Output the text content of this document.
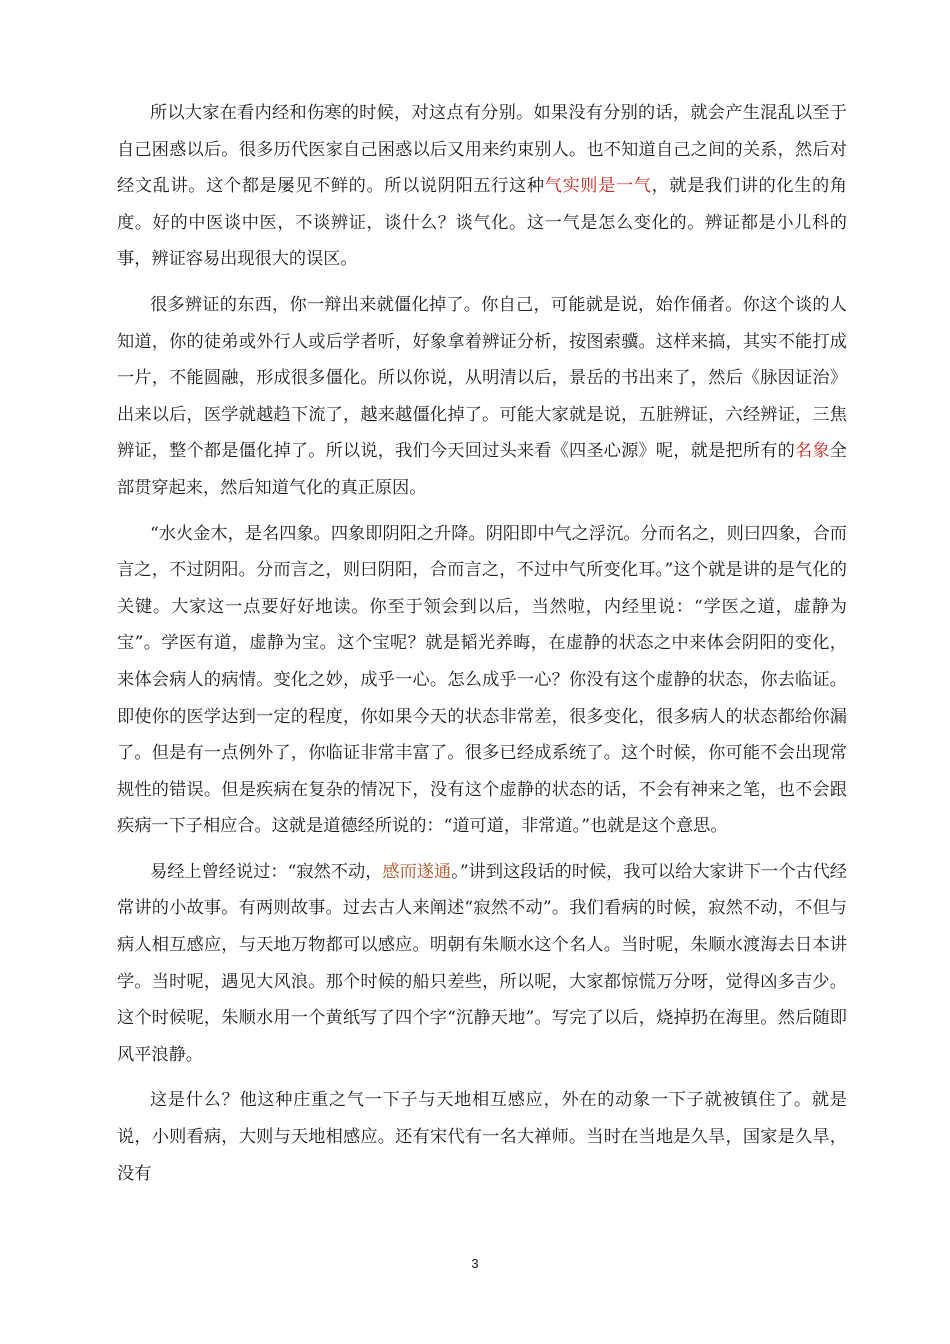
所以大家在看内经和伤寒的时候，对这点有分别。如果没有分别的话，就会产生混乱以至于自己困惑以后。很多历代医家自己困惑以后又用来约束别人。也不知道自己之间的关系，然后对经文乱讲。这个都是屡见不鲜的。所以说阴阳五行这种气实则是一气，就是我们讲的化生的角度。好的中医谈中医，不谈辨证，谈什么？谈气化。这一气是怎么变化的。辨证都是小儿科的事，辨证容易出现很大的误区。

很多辨证的东西，你一辩出来就僵化掉了。你自己，可能就是说，始作俑者。你这个谈的人知道，你的徒弟或外行人或后学者听，好象拿着辨证分析，按图索骥。这样来搞，其实不能打成一片，不能圆融，形成很多僵化。所以你说，从明清以后，景岳的书出来了，然后《脉因证治》出来以后，医学就越趋下流了，越来越僵化掉了。可能大家就是说，五脏辨证，六经辨证，三焦辨证，整个都是僵化掉了。所以说，我们今天回过头来看《四圣心源》呢，就是把所有的名象全部贯穿起来，然后知道气化的真正原因。

“水火金木，是名四象。四象即阴阳之升降。阴阳即中气之浮沉。分而名之，则曰四象，合而言之，不过阴阳。分而言之，则曰阴阳，合而言之，不过中气所变化耳。”这个就是讲的是气化的关键。大家这一点要好好地读。你至于领会到以后，当然啦，内经里说：“学医之道，虚静为宝”。学医有道，虚静为宝。这个宝呢？就是韬光养晦，在虚静的状态之中来体会阴阳的变化，来体会病人的病情。变化之妙，成乎一心。怎么成乎一心？你没有这个虚静的状态，你去临证。即使你的医学达到一定的程度，你如果今天的状态非常差，很多变化，很多病人的状态都给你漏了。但是有一点例外了，你临证非常丰富了。很多已经成系统了。这个时候，你可能不会出现常规性的错误。但是疾病在复杂的情况下，没有这个虚静的状态的话，不会有神来之笔，也不会跟疾病一下子相应合。这就是道德经所说的：“道可道，非常道。”也就是这个意思。

易经上曾经说过：“寂然不动，感而遂通。”讲到这段话的时候，我可以给大家讲下一个古代经常讲的小故事。有两则故事。过去古人来阐述“寂然不动”。我们看病的时候，寂然不动，不但与病人相互感应，与天地万物都可以感应。明朝有朱顺水这个名人。当时呢，朱顺水渡海去日本讲学。当时呢，遇见大风浪。那个时候的船只差些，所以呢，大家都惊慌万分呀，觉得凶多吉少。这个时候呢，朱顺水用一个黄纸写了四个字“沉静天地”。写完了以后，烧掉扔在海里。然后随即风平浪静。

这是什么？他这种庄重之气一下子与天地相互感应，外在的动象一下子就被镇住了。就是说，小则看病，大则与天地相感应。还有宋代有一名大禅师。当时在当地是久旱，国家是久旱，没有

3
